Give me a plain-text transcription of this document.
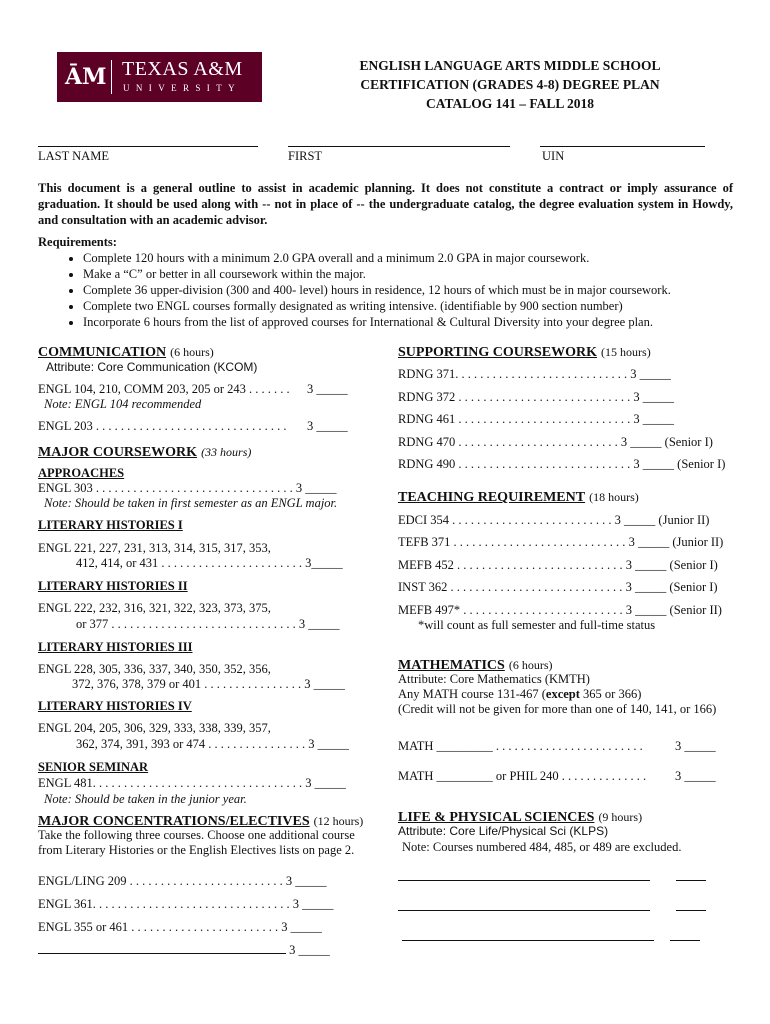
ĀM TEXAS A&M
UNIVERSITY
ENGLISH LANGUAGE ARTS MIDDLE SCHOOL
CERTIFICATION (GRADES 4-8) DEGREE PLAN
CATALOG 141 – FALL 2018
LAST NAME	FIRST	UIN
This document is a general outline to assist in academic planning. It does not constitute a contract or imply assurance of graduation. It should be used along with -- not in place of -- the undergraduate catalog, the degree evaluation system in Howdy, and consultation with an academic advisor.
Requirements:
• Complete 120 hours with a minimum 2.0 GPA overall and a minimum 2.0 GPA in major coursework.
• Make a “C” or better in all coursework within the major.
• Complete 36 upper-division (300 and 400- level) hours in residence, 12 hours of which must be in major coursework.
• Complete two ENGL courses formally designated as writing intensive. (identifiable by 900 section number)
• Incorporate 6 hours from the list of approved courses for International & Cultural Diversity into your degree plan.
COMMUNICATION (6 hours)
Attribute: Core Communication (KCOM)
ENGL 104, 210, COMM 203, 205 or 243 . . . . . . . 3 _____
Note: ENGL 104 recommended
ENGL 203 . . . . . . . . . . . . . . . . . . . . . . . . . . . . . . . 3 _____
MAJOR COURSEWORK (33 hours)
APPROACHES
ENGL 303 . . . . . . . . . . . . . . . . . . . . . . . . . . . . . . . . 3 _____
Note: Should be taken in first semester as an ENGL major.
LITERARY HISTORIES I
ENGL 221, 227, 231, 313, 314, 315, 317, 353,
412, 414, or 431 . . . . . . . . . . . . . . . . . . . . . . . 3_____
LITERARY HISTORIES II
ENGL 222, 232, 316, 321, 322, 323, 373, 375,
or 377 . . . . . . . . . . . . . . . . . . . . . . . . . . . . . . 3 _____
LITERARY HISTORIES III
ENGL 228, 305, 336, 337, 340, 350, 352, 356,
372, 376, 378, 379 or 401 . . . . . . . . . . . . . . . . 3 _____
LITERARY HISTORIES IV
ENGL 204, 205, 306, 329, 333, 338, 339, 357,
362, 374, 391, 393 or 474 . . . . . . . . . . . . . . . . 3 _____
SENIOR SEMINAR
ENGL 481. . . . . . . . . . . . . . . . . . . . . . . . . . . . . . . . . . 3 _____
Note: Should be taken in the junior year.
MAJOR CONCENTRATIONS/ELECTIVES (12 hours)
Take the following three courses. Choose one additional course
from Literary Histories or the English Electives lists on page 2.
ENGL/LING 209 . . . . . . . . . . . . . . . . . . . . . . . . . 3 _____
ENGL 361. . . . . . . . . . . . . . . . . . . . . . . . . . . . . . . . 3 _____
ENGL 355 or 461 . . . . . . . . . . . . . . . . . . . . . . . . 3 _____
3 _____
SUPPORTING COURSEWORK (15 hours)
RDNG 371. . . . . . . . . . . . . . . . . . . . . . . . . . . . 3 _____
RDNG 372 . . . . . . . . . . . . . . . . . . . . . . . . . . . . 3 _____
RDNG 461 . . . . . . . . . . . . . . . . . . . . . . . . . . . . 3 _____
RDNG 470 . . . . . . . . . . . . . . . . . . . . . . . . . . 3 _____ (Senior I)
RDNG 490 . . . . . . . . . . . . . . . . . . . . . . . . . . . . 3 _____ (Senior I)
TEACHING REQUIREMENT (18 hours)
EDCI 354 . . . . . . . . . . . . . . . . . . . . . . . . . . 3 _____ (Junior II)
TEFB 371 . . . . . . . . . . . . . . . . . . . . . . . . . . . . 3 _____ (Junior II)
MEFB 452 . . . . . . . . . . . . . . . . . . . . . . . . . . . 3 _____ (Senior I)
INST 362 . . . . . . . . . . . . . . . . . . . . . . . . . . . . 3 _____ (Senior I)
MEFB 497* . . . . . . . . . . . . . . . . . . . . . . . . . . 3 _____ (Senior II)
*will count as full semester and full-time status
MATHEMATICS (6 hours)
Attribute: Core Mathematics (KMTH)
Any MATH course 131-467 (except 365 or 366)
(Credit will not be given for more than one of 140, 141, or 166)
MATH _________ . . . . . . . . . . . . . . . . . . . . . . . .	3 _____
MATH _________ or PHIL 240 . . . . . . . . . . . . . . 3 _____
LIFE & PHYSICAL SCIENCES (9 hours)
Attribute: Core Life/Physical Sci (KLPS)
Note: Courses numbered 484, 485, or 489 are excluded.
